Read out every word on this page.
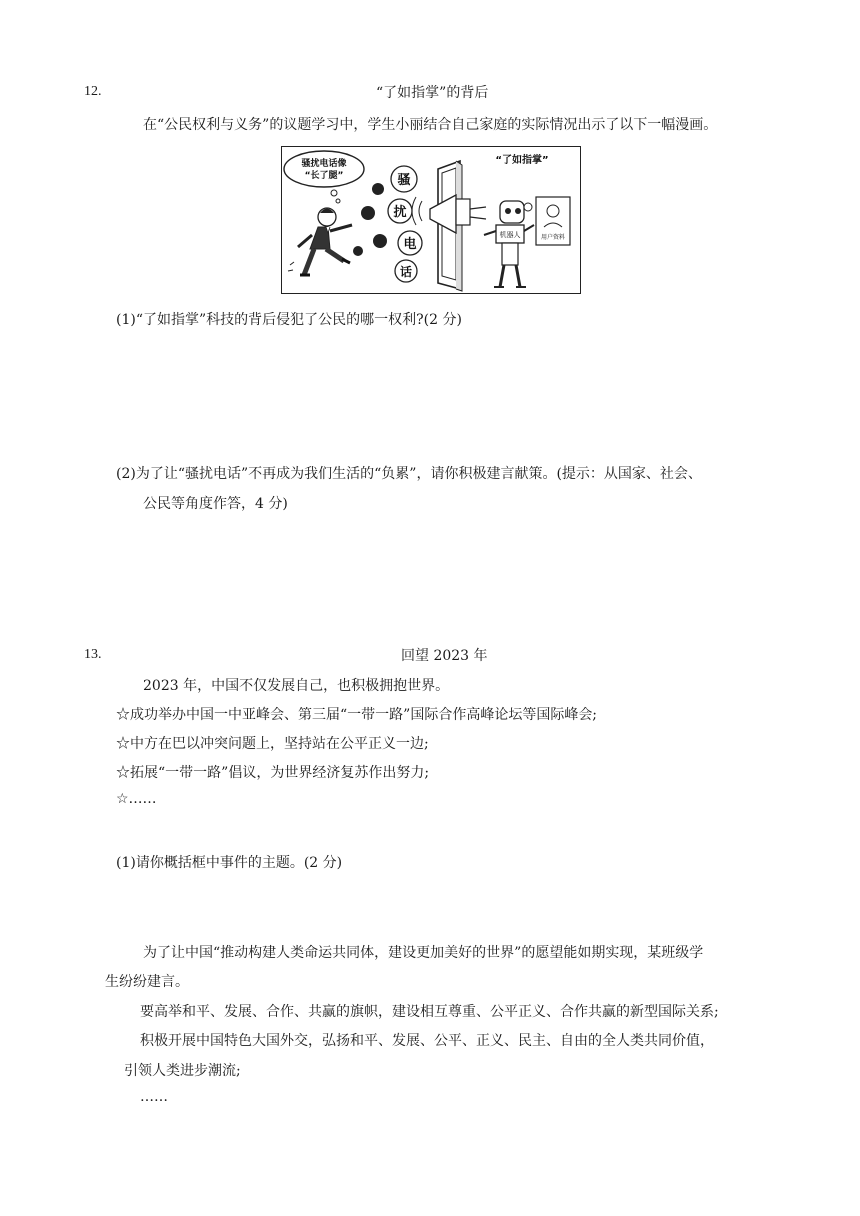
12.	“了如指掌”的背后
在“公民权利与义务”的议题学习中，学生小丽结合自己家庭的实际情况出示了以下一幅漫画。
骚扰电话像
“长了腿”	骚
扰
电
话
“了如指掌”
机器人	用户资料
(1)“了如指掌”科技的背后侵犯了公民的哪一权利?(2 分)
(2)为了让“骚扰电话”不再成为我们生活的“负累”，请你积极建言献策。(提示：从国家、社会、
公民等角度作答，4 分)
13.	回望 2023 年
2023 年，中国不仅发展自己，也积极拥抱世界。
☆成功举办中国一中亚峰会、第三届“一带一路”国际合作高峰论坛等国际峰会;
☆中方在巴以冲突问题上，坚持站在公平正义一边;
☆拓展“一带一路”倡议，为世界经济复苏作出努力;
☆……
(1)请你概括框中事件的主题。(2 分)
为了让中国“推动构建人类命运共同体，建设更加美好的世界”的愿望能如期实现，某班级学
生纷纷建言。
要高举和平、发展、合作、共赢的旗帜，建设相互尊重、公平正义、合作共赢的新型国际关系;
积极开展中国特色大国外交，弘扬和平、发展、公平、正义、民主、自由的全人类共同价值，
引领人类进步潮流;
……
